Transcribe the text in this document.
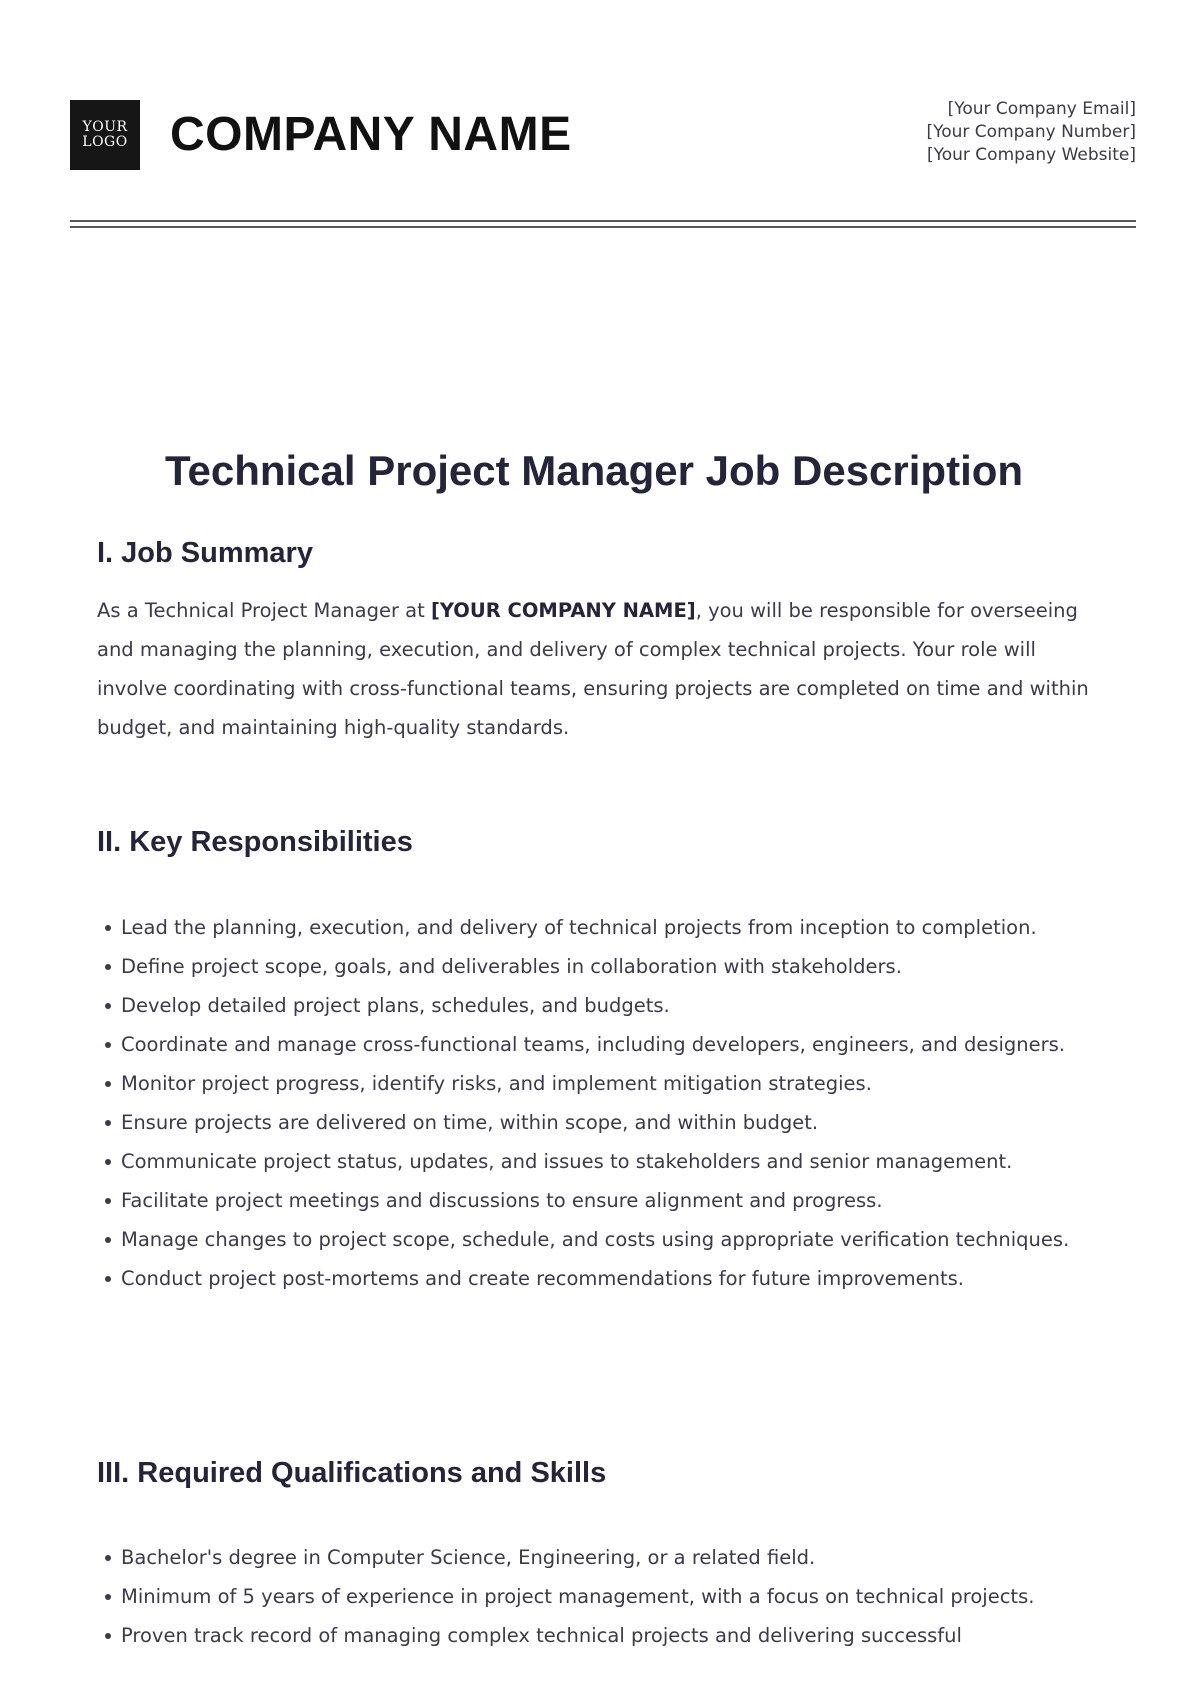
YOUR
LOGO COMPANY NAME	[Your Company Email]
[Your Company Number]
[Your Company Website]
Technical Project Manager Job Description
I. Job Summary

As a Technical Project Manager at [YOUR COMPANY NAME], you will be responsible for overseeing and managing the planning, execution, and delivery of complex technical projects. Your role will involve coordinating with cross-functional teams, ensuring projects are completed on time and within budget, and maintaining high-quality standards.

II. Key Responsibilities
Lead the planning, execution, and delivery of technical projects from inception to completion.
Define project scope, goals, and deliverables in collaboration with stakeholders.
Develop detailed project plans, schedules, and budgets.
Coordinate and manage cross-functional teams, including developers, engineers, and designers.
Monitor project progress, identify risks, and implement mitigation strategies.
Ensure projects are delivered on time, within scope, and within budget.
Communicate project status, updates, and issues to stakeholders and senior management.
Facilitate project meetings and discussions to ensure alignment and progress.
Manage changes to project scope, schedule, and costs using appropriate verification techniques.
Conduct project post-mortems and create recommendations for future improvements.
III. Required Qualifications and Skills
Bachelor's degree in Computer Science, Engineering, or a related field.
Minimum of 5 years of experience in project management, with a focus on technical projects.
Proven track record of managing complex technical projects and delivering successful
